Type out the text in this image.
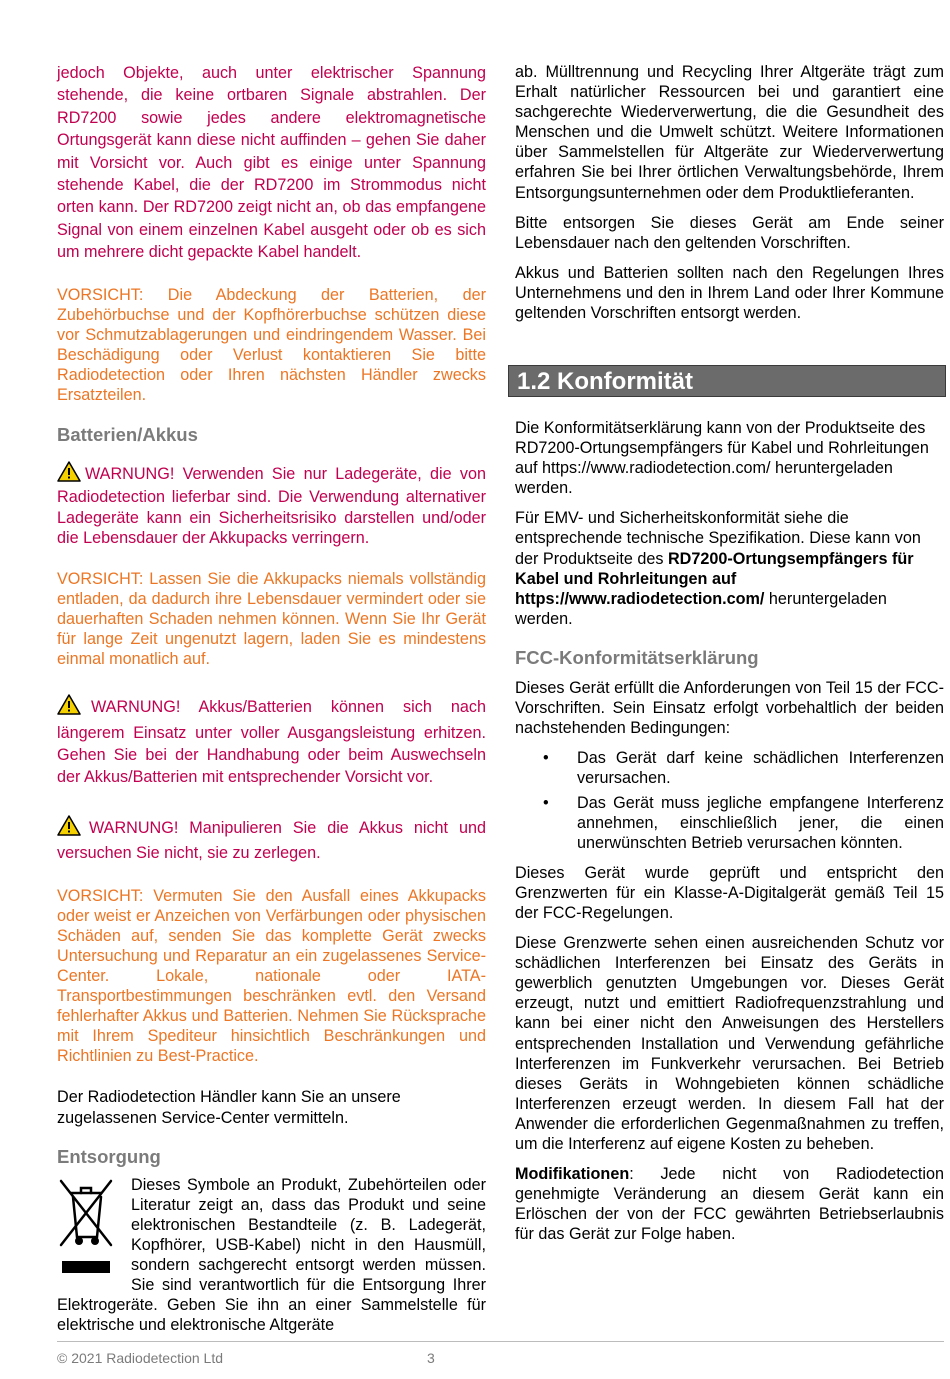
jedoch Objekte, auch unter elektrischer Spannung stehende, die keine ortbaren Signale abstrahlen. Der RD7200 sowie jedes andere elektromagnetische Ortungsgerät kann diese nicht auffinden – gehen Sie daher mit Vorsicht vor. Auch gibt es einige unter Spannung stehende Kabel, die der RD7200 im Strommodus nicht orten kann. Der RD7200 zeigt nicht an, ob das empfangene Signal von einem einzelnen Kabel ausgeht oder ob es sich um mehrere dicht gepackte Kabel handelt.

VORSICHT: Die Abdeckung der Batterien, der Zubehörbuchse und der Kopfhörerbuchse schützen diese vor Schmutzablagerungen und eindringendem Wasser. Bei Beschädigung oder Verlust kontaktieren Sie bitte Radiodetection oder Ihren nächsten Händler zwecks Ersatzteilen.

Batterien/Akkus

WARNUNG! Verwenden Sie nur Ladegeräte, die von Radiodetection lieferbar sind. Die Verwendung alternativer Ladegeräte kann ein Sicherheitsrisiko darstellen und/oder die Lebensdauer der Akkupacks verringern.

VORSICHT: Lassen Sie die Akkupacks niemals vollständig entladen, da dadurch ihre Lebensdauer vermindert oder sie dauerhaften Schaden nehmen können. Wenn Sie Ihr Gerät für lange Zeit ungenutzt lagern, laden Sie es mindestens einmal monatlich auf.

WARNUNG! Akkus/Batterien können sich nach längerem Einsatz unter voller Ausgangsleistung erhitzen. Gehen Sie bei der Handhabung oder beim Auswechseln der Akkus/Batterien mit entsprechender Vorsicht vor.

WARNUNG! Manipulieren Sie die Akkus nicht und versuchen Sie nicht, sie zu zerlegen.

VORSICHT: Vermuten Sie den Ausfall eines Akkupacks oder weist er Anzeichen von Verfärbungen oder physischen Schäden auf, senden Sie das komplette Gerät zwecks Untersuchung und Reparatur an ein zugelassenes Service-Center. Lokale, nationale oder IATA-Transportbestimmungen beschränken evtl. den Versand fehlerhafter Akkus und Batterien. Nehmen Sie Rücksprache mit Ihrem Spediteur hinsichtlich Beschränkungen und Richtlinien zu Best-Practice.

Der Radiodetection Händler kann Sie an unsere zugelassenen Service-Center vermitteln.

Entsorgung

Dieses Symbole an Produkt, Zubehörteilen oder Literatur zeigt an, dass das Produkt und seine elektronischen Bestandteile (z. B. Ladegerät, Kopfhörer, USB-Kabel) nicht in den Hausmüll, sondern sachgerecht entsorgt werden müssen. Sie sind verantwortlich für die Entsorgung Ihrer Elektrogeräte. Geben Sie ihn an einer Sammelstelle für elektrische und elektronische Altgeräte

ab. Mülltrennung und Recycling Ihrer Altgeräte trägt zum Erhalt natürlicher Ressourcen bei und garantiert eine sachgerechte Wiederverwertung, die die Gesundheit des Menschen und die Umwelt schützt. Weitere Informationen über Sammelstellen für Altgeräte zur Wiederverwertung erfahren Sie bei Ihrer örtlichen Verwaltungsbehörde, Ihrem Entsorgungsunternehmen oder dem Produktlieferanten.

Bitte entsorgen Sie dieses Gerät am Ende seiner Lebensdauer nach den geltenden Vorschriften.

Akkus und Batterien sollten nach den Regelungen Ihres Unternehmens und den in Ihrem Land oder Ihrer Kommune geltenden Vorschriften entsorgt werden.

1.2 Konformität

Die Konformitätserklärung kann von der Produktseite des RD7200-Ortungsempfängers für Kabel und Rohrleitungen auf https://www.radiodetection.com/ heruntergeladen werden.

Für EMV- und Sicherheitskonformität siehe die entsprechende technische Spezifikation. Diese kann von der Produktseite des RD7200-Ortungsempfängers für Kabel und Rohrleitungen auf https://www.radiodetection.com/ heruntergeladen werden.

FCC-Konformitätserklärung

Dieses Gerät erfüllt die Anforderungen von Teil 15 der FCC-Vorschriften. Sein Einsatz erfolgt vorbehaltlich der beiden nachstehenden Bedingungen:

• Das Gerät darf keine schädlichen Interferenzen verursachen.
• Das Gerät muss jegliche empfangene Interferenz annehmen, einschließlich jener, die einen unerwünschten Betrieb verursachen könnten.

Dieses Gerät wurde geprüft und entspricht den Grenzwerten für ein Klasse-A-Digitalgerät gemäß Teil 15 der FCC-Regelungen.

Diese Grenzwerte sehen einen ausreichenden Schutz vor schädlichen Interferenzen bei Einsatz des Geräts in gewerblich genutzten Umgebungen vor. Dieses Gerät erzeugt, nutzt und emittiert Radiofrequenzstrahlung und kann bei einer nicht den Anweisungen des Herstellers entsprechenden Installation und Verwendung gefährliche Interferenzen im Funkverkehr verursachen. Bei Betrieb dieses Geräts in Wohngebieten können schädliche Interferenzen erzeugt werden. In diesem Fall hat der Anwender die erforderlichen Gegenmaßnahmen zu treffen, um die Interferenz auf eigene Kosten zu beheben.

Modifikationen: Jede nicht von Radiodetection genehmigte Veränderung an diesem Gerät kann ein Erlöschen der von der FCC gewährten Betriebserlaubnis für das Gerät zur Folge haben.

© 2021 Radiodetection Ltd	3
